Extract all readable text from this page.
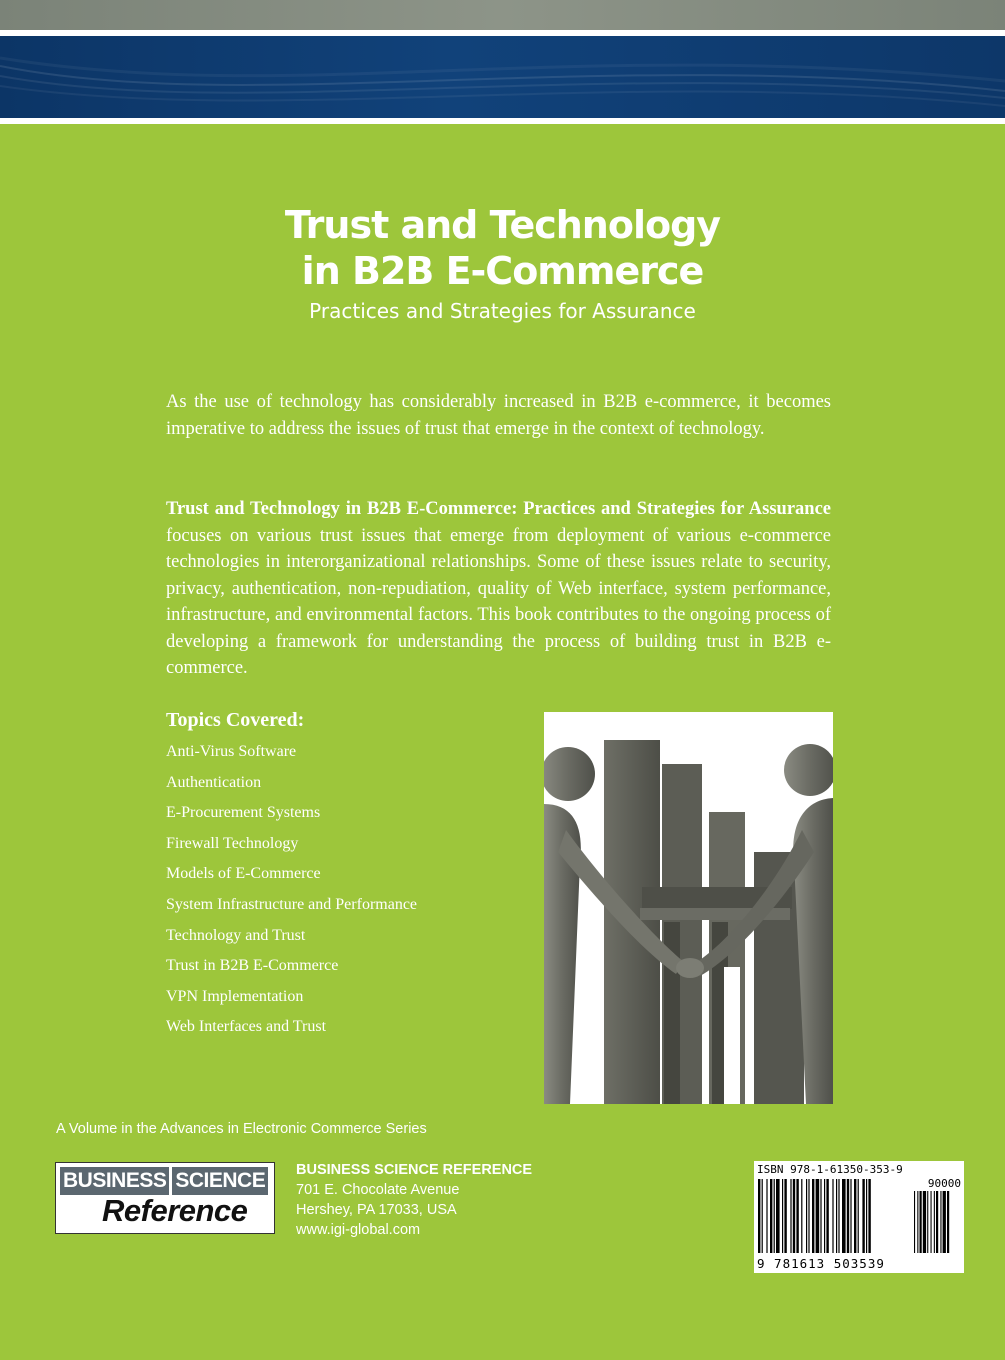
Trust and Technology
in B2B E-Commerce

Practices and Strategies for Assurance

As the use of technology has considerably increased in B2B e-commerce, it becomes imperative to address the issues of trust that emerge in the context of technology.

Trust and Technology in B2B E-Commerce: Practices and Strategies for Assurance focuses on various trust issues that emerge from deployment of various e-commerce technologies in interorganizational relationships. Some of these issues relate to security, privacy, authentication, non-repudiation, quality of Web interface, system performance, infrastructure, and environmental factors. This book contributes to the ongoing process of developing a framework for understanding the process of building trust in B2B e-commerce.

Topics Covered:
Anti-Virus Software
Authentication
E-Procurement Systems
Firewall Technology
Models of E-Commerce
System Infrastructure and Performance
Technology and Trust
Trust in B2B E-Commerce
VPN Implementation
Web Interfaces and Trust

A Volume in the Advances in Electronic Commerce Series

BUSINESS SCIENCE
Reference
BUSINESS SCIENCE REFERENCE
701 E. Chocolate Avenue
Hershey, PA 17033, USA
www.igi-global.com
ISBN 978-1-61350-353-9
90000
9 781613 503539
